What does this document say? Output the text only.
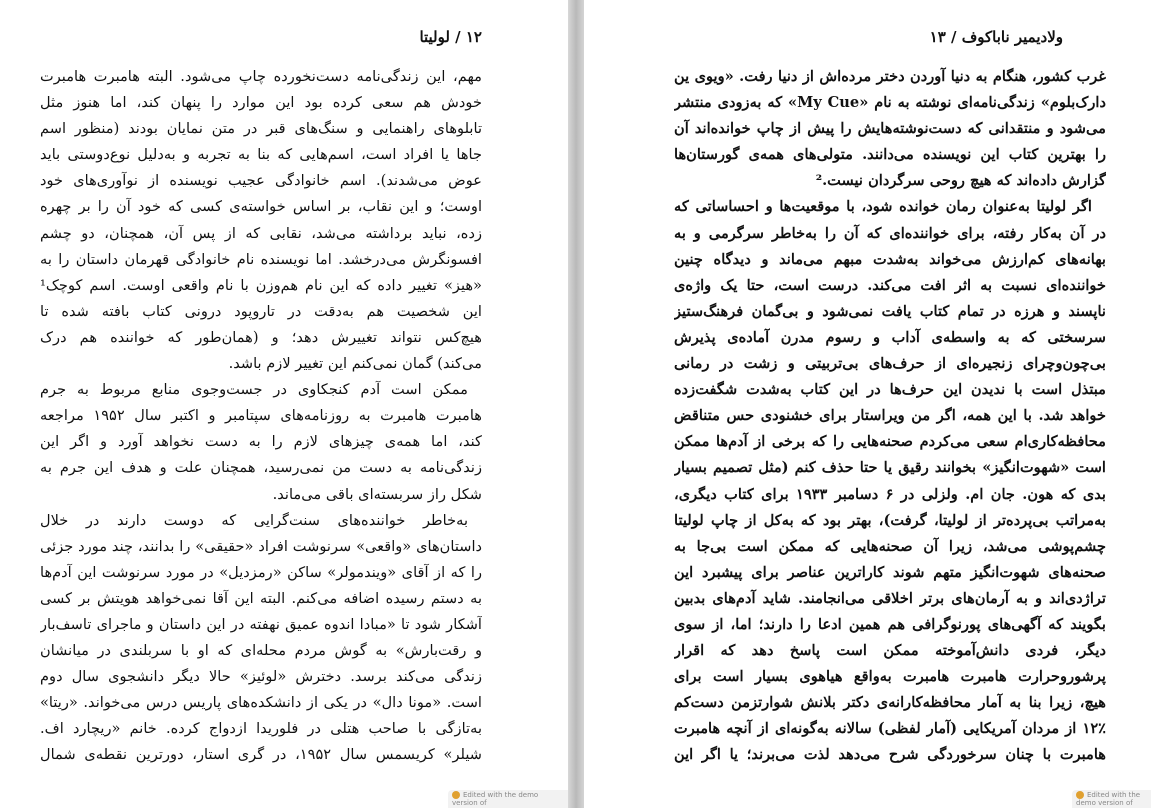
۱۲ / لولیتا
مهم، این زندگی‌نامه دست‌نخورده چاپ می‌شود. البته هامبرت هامبرت
خودش هم سعی کرده بود این موارد را پنهان کند، اما هنوز مثل
تابلوهای راهنمایی و سنگ‌های قبر در متن نمایان بودند (منظور اسم
جاها یا افراد است، اسم‌هایی که بنا به تجربه و به‌دلیل نوع‌دوستی باید
عوض می‌شدند). اسم خانوادگی عجیب نویسنده از نوآوری‌های خود
اوست؛ و این نقاب، بر اساس خواسته‌ی کسی که خود آن را بر چهره
زده، نباید برداشته می‌شد، نقابی که از پس آن، همچنان، دو چشم
افسونگرش می‌درخشد. اما نویسنده نام خانوادگی قهرمان داستان را به
«هیز» تغییر داده که این نام هم‌وزن با نام واقعی اوست. اسم کوچک¹
این شخصیت هم به‌دقت در تاروپود درونی کتاب بافته شده تا
هیچ‌کس نتواند تغییرش دهد؛ و (همان‌طور که خواننده هم درک
می‌کند) گمان نمی‌کنم این تغییر لازم باشد.
ممکن است آدم کنجکاوی در جست‌وجوی منابع مربوط به جرم
هامبرت هامبرت به روزنامه‌های سپتامبر و اکتبر سال ۱۹۵۲ مراجعه
کند، اما همه‌ی چیزهای لازم را به دست نخواهد آورد و اگر این
زندگی‌نامه به دست من نمی‌رسید، همچنان علت و هدف این جرم به
شکل راز سربسته‌ای باقی می‌ماند.
به‌خاطر خواننده‌های سنت‌گرایی که دوست دارند در خلال
داستان‌های «واقعی» سرنوشت افراد «حقیقی» را بدانند، چند مورد جزئی
را که از آقای «ویندمولر» ساکن «رمزدیل» در مورد سرنوشت این آدم‌ها
به دستم رسیده اضافه می‌کنم. البته این آقا نمی‌خواهد هویتش بر کسی
آشکار شود تا «مبادا اندوه عمیق نهفته در این داستان و ماجرای تاسف‌بار
و رقت‌بارش» به گوش مردم محله‌ای که او با سربلندی در میانشان
زندگی می‌کند برسد. دخترش «لوئیز» حالا دیگر دانشجوی سال دوم
است. «مونا دال» در یکی از دانشکده‌های پاریس درس می‌خواند. «ریتا»
به‌تازگی با صاحب هتلی در فلوریدا ازدواج کرده. خانم «ریچارد اف.
شیلر» کریسمس سال ۱۹۵۲، در گری استار، دورترین نقطه‌ی شمال
Edited with the demo version of
ولادیمیر ناباکوف / ۱۳
غرب کشور، هنگام به دنیا آوردن دختر مرده‌اش از دنیا رفت. «ویوی ین
دارک‌بلوم» زندگی‌نامه‌ای نوشته به نام «My Cue» که به‌زودی منتشر
می‌شود و منتقدانی که دست‌نوشته‌هایش را پیش از چاپ خوانده‌اند آن
را بهترین کتاب این نویسنده می‌دانند. متولی‌های همه‌ی گورستان‌ها
گزارش داده‌اند که هیچ روحی سرگردان نیست.²
اگر لولیتا به‌عنوان رمان خوانده شود، با موقعیت‌ها و احساساتی که
در آن به‌کار رفته، برای خواننده‌ای که آن را به‌خاطر سرگرمی و به
بهانه‌های کم‌ارزش می‌خواند به‌شدت مبهم می‌ماند و دیدگاه چنین
خواننده‌ای نسبت به اثر افت می‌کند. درست است، حتا یک واژه‌ی
ناپسند و هرزه در تمام کتاب یافت نمی‌شود و بی‌گمان فرهنگ‌ستیز
سرسختی که به واسطه‌ی آداب و رسوم مدرن آماده‌ی پذیرش
بی‌چون‌وچرای زنجیره‌ای از حرف‌های بی‌تربیتی و زشت در رمانی
مبتذل است با ندیدن این حرف‌ها در این کتاب به‌شدت شگفت‌زده
خواهد شد. با این همه، اگر من ویراستار برای خشنودی حس متناقض
محافظه‌کاری‌ام سعی می‌کردم صحنه‌هایی را که برخی از آدم‌ها ممکن
است «شهوت‌انگیز» بخوانند رقیق یا حتا حذف کنم (مثل تصمیم بسیار
بدی که هون. جان ام. ولزلی در ۶ دسامبر ۱۹۳۳ برای کتاب دیگری،
به‌مراتب بی‌پرده‌تر از لولیتا، گرفت)، بهتر بود که به‌کل از چاپ لولیتا
چشم‌پوشی می‌شد، زیرا آن صحنه‌هایی که ممکن است بی‌جا به
صحنه‌های شهوت‌انگیز متهم شوند کاراترین عناصر برای پیشبرد این
تراژدی‌اند و به آرمان‌های برتر اخلاقی می‌انجامند. شاید آدم‌های بدبین
بگویند که آگهی‌های پورنوگرافی هم همین ادعا را دارند؛ اما، از سوی
دیگر، فردی دانش‌آموخته ممکن است پاسخ دهد که اقرار
پرشوروحرارت هامبرت هامبرت به‌واقع هیاهوی بسیار است برای
هیچ، زیرا بنا به آمار محافظه‌کارانه‌ی دکتر بلانش شوارتزمن دست‌کم
۱۲٪ از مردان آمریکایی (آمار لفظی) سالانه به‌گونه‌ای از آنچه هامبرت
هامبرت با چنان سرخوردگی شرح می‌دهد لذت می‌برند؛ یا اگر این
Edited with the demo version of
